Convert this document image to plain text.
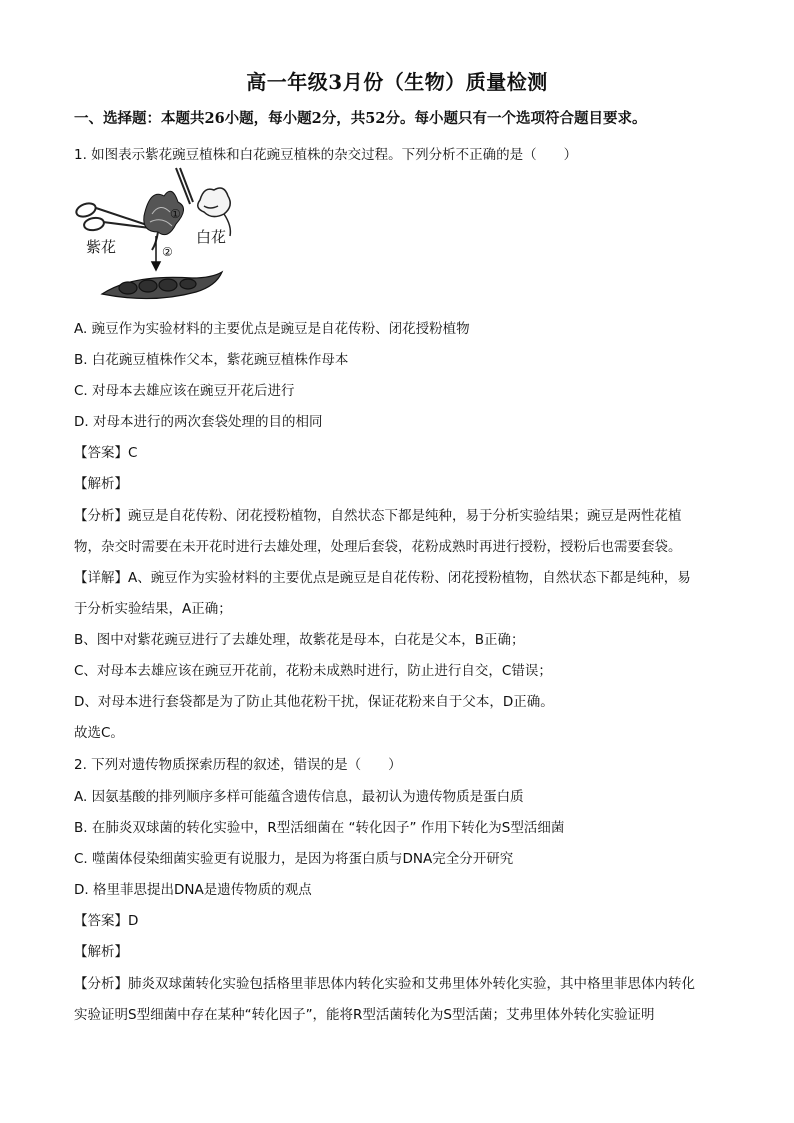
高一年级3月份（生物）质量检测
一、选择题：本题共26小题，每小题2分，共52分。每小题只有一个选项符合题目要求。
1. 如图表示紫花豌豆植株和白花豌豆植株的杂交过程。下列分析不正确的是（　　）
①
②
紫花
白花
A. 豌豆作为实验材料的主要优点是豌豆是自花传粉、闭花授粉植物
B. 白花豌豆植株作父本，紫花豌豆植株作母本
C. 对母本去雄应该在豌豆开花后进行
D. 对母本进行的两次套袋处理的目的相同
【答案】C
【解析】
【分析】豌豆是自花传粉、闭花授粉植物，自然状态下都是纯种，易于分析实验结果；豌豆是两性花植
物，杂交时需要在未开花时进行去雄处理，处理后套袋，花粉成熟时再进行授粉，授粉后也需要套袋。
【详解】A、豌豆作为实验材料的主要优点是豌豆是自花传粉、闭花授粉植物，自然状态下都是纯种，易
于分析实验结果，A正确；
B、图中对紫花豌豆进行了去雄处理，故紫花是母本，白花是父本，B正确；
C、对母本去雄应该在豌豆开花前，花粉未成熟时进行，防止进行自交，C错误；
D、对母本进行套袋都是为了防止其他花粉干扰，保证花粉来自于父本，D正确。
故选C。
2. 下列对遗传物质探索历程的叙述，错误的是（　　）
A. 因氨基酸的排列顺序多样可能蕴含遗传信息，最初认为遗传物质是蛋白质
B. 在肺炎双球菌的转化实验中，R型活细菌在 “转化因子” 作用下转化为S型活细菌
C. 噬菌体侵染细菌实验更有说服力，是因为将蛋白质与DNA完全分开研究
D. 格里菲思提出DNA是遗传物质的观点
【答案】D
【解析】
【分析】肺炎双球菌转化实验包括格里菲思体内转化实验和艾弗里体外转化实验，其中格里菲思体内转化
实验证明S型细菌中存在某种“转化因子”，能将R型活菌转化为S型活菌；艾弗里体外转化实验证明
